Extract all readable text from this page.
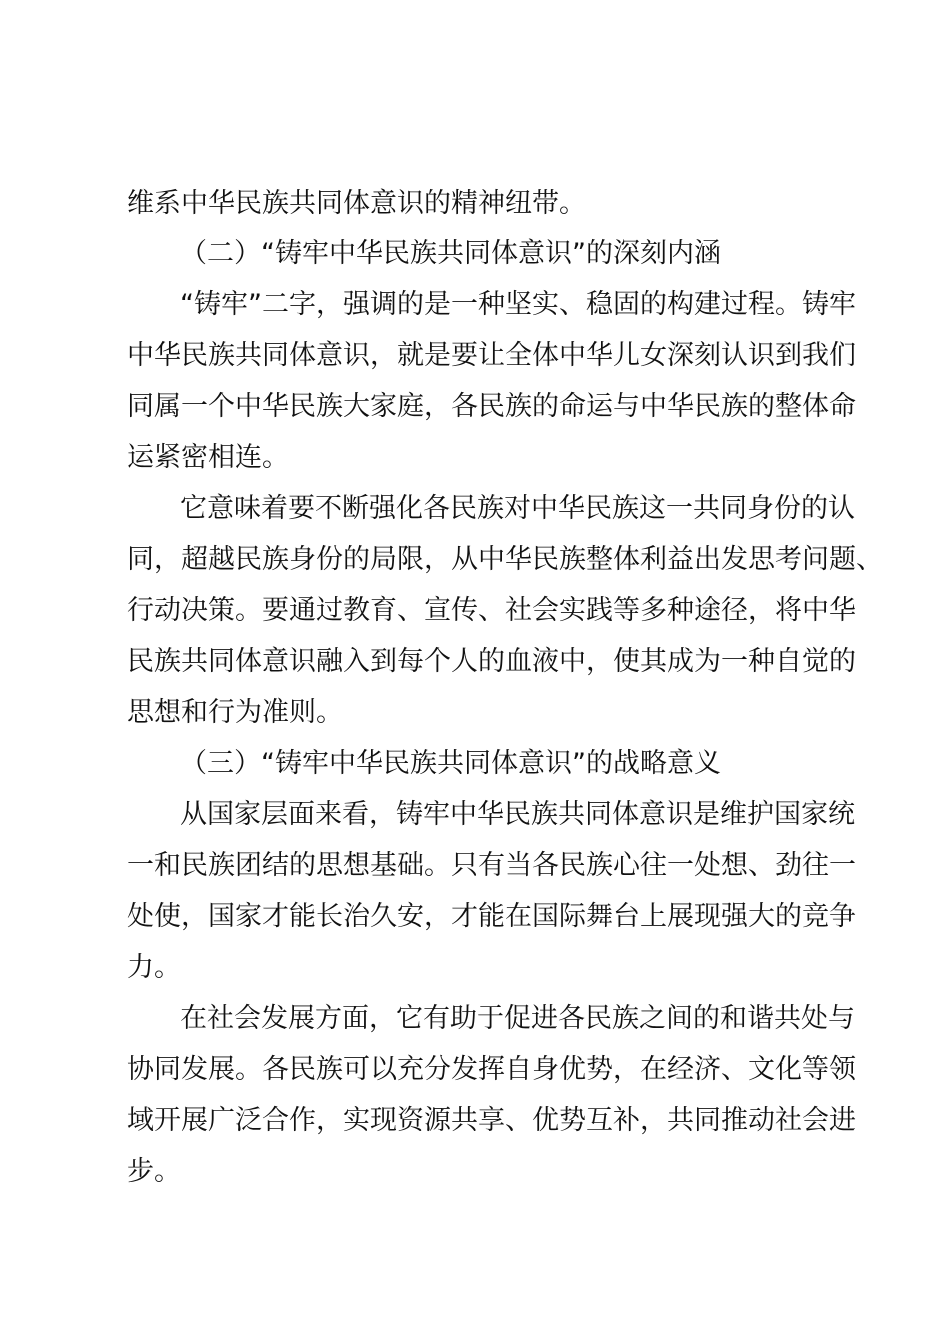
维系中华民族共同体意识的精神纽带。

（二）“铸牢中华民族共同体意识”的深刻内涵

“铸牢”二字，强调的是一种坚实、稳固的构建过程。铸牢

中华民族共同体意识，就是要让全体中华儿女深刻认识到我们

同属一个中华民族大家庭，各民族的命运与中华民族的整体命

运紧密相连。

它意味着要不断强化各民族对中华民族这一共同身份的认

同，超越民族身份的局限，从中华民族整体利益出发思考问题、

行动决策。要通过教育、宣传、社会实践等多种途径，将中华

民族共同体意识融入到每个人的血液中，使其成为一种自觉的

思想和行为准则。

（三）“铸牢中华民族共同体意识”的战略意义

从国家层面来看，铸牢中华民族共同体意识是维护国家统

一和民族团结的思想基础。只有当各民族心往一处想、劲往一

处使，国家才能长治久安，才能在国际舞台上展现强大的竞争

力。

在社会发展方面，它有助于促进各民族之间的和谐共处与

协同发展。各民族可以充分发挥自身优势，在经济、文化等领

域开展广泛合作，实现资源共享、优势互补，共同推动社会进

步。
